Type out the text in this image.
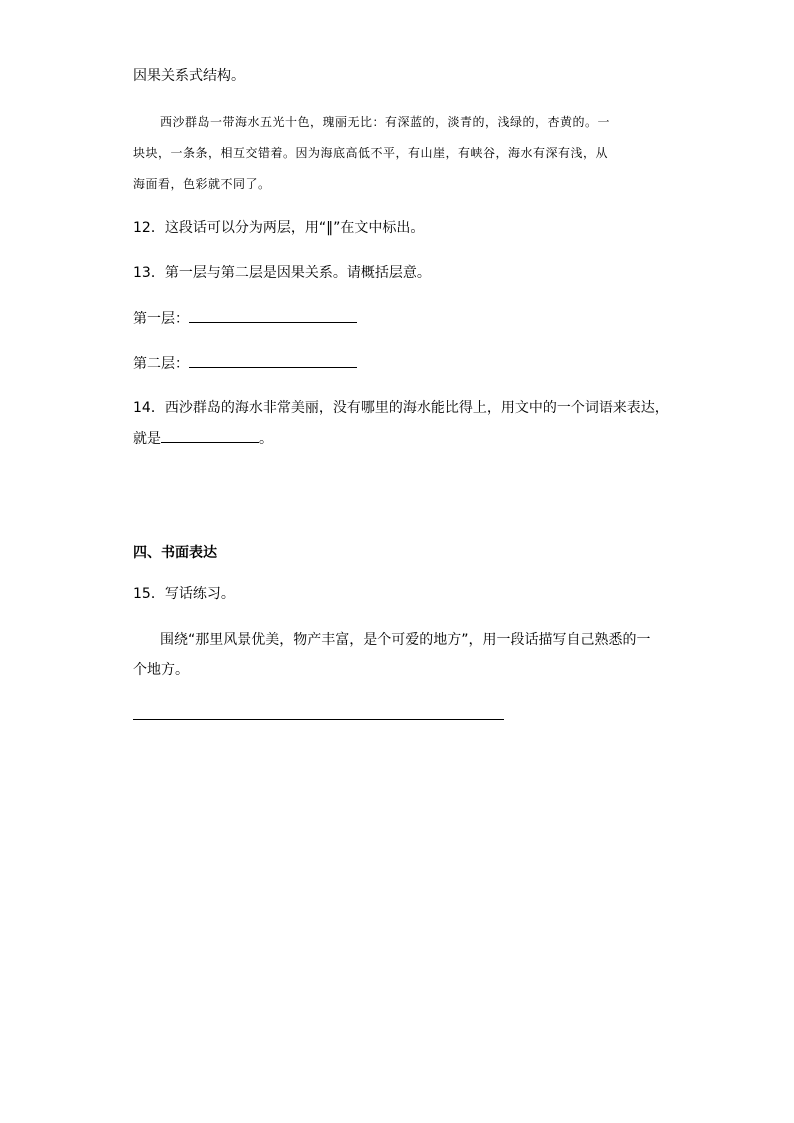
因果关系式结构。
西沙群岛一带海水五光十色，瑰丽无比：有深蓝的，淡青的，浅绿的，杏黄的。一
块块，一条条，相互交错着。因为海底高低不平，有山崖，有峡谷，海水有深有浅，从
海面看，色彩就不同了。
12．这段话可以分为两层，用“‖”在文中标出。
13．第一层与第二层是因果关系。请概括层意。
第一层：
第二层：
14．西沙群岛的海水非常美丽，没有哪里的海水能比得上，用文中的一个词语来表达，
就是	。
四、书面表达
15．写话练习。
围绕“那里风景优美，物产丰富，是个可爱的地方”，用一段话描写自己熟悉的一
个地方。
